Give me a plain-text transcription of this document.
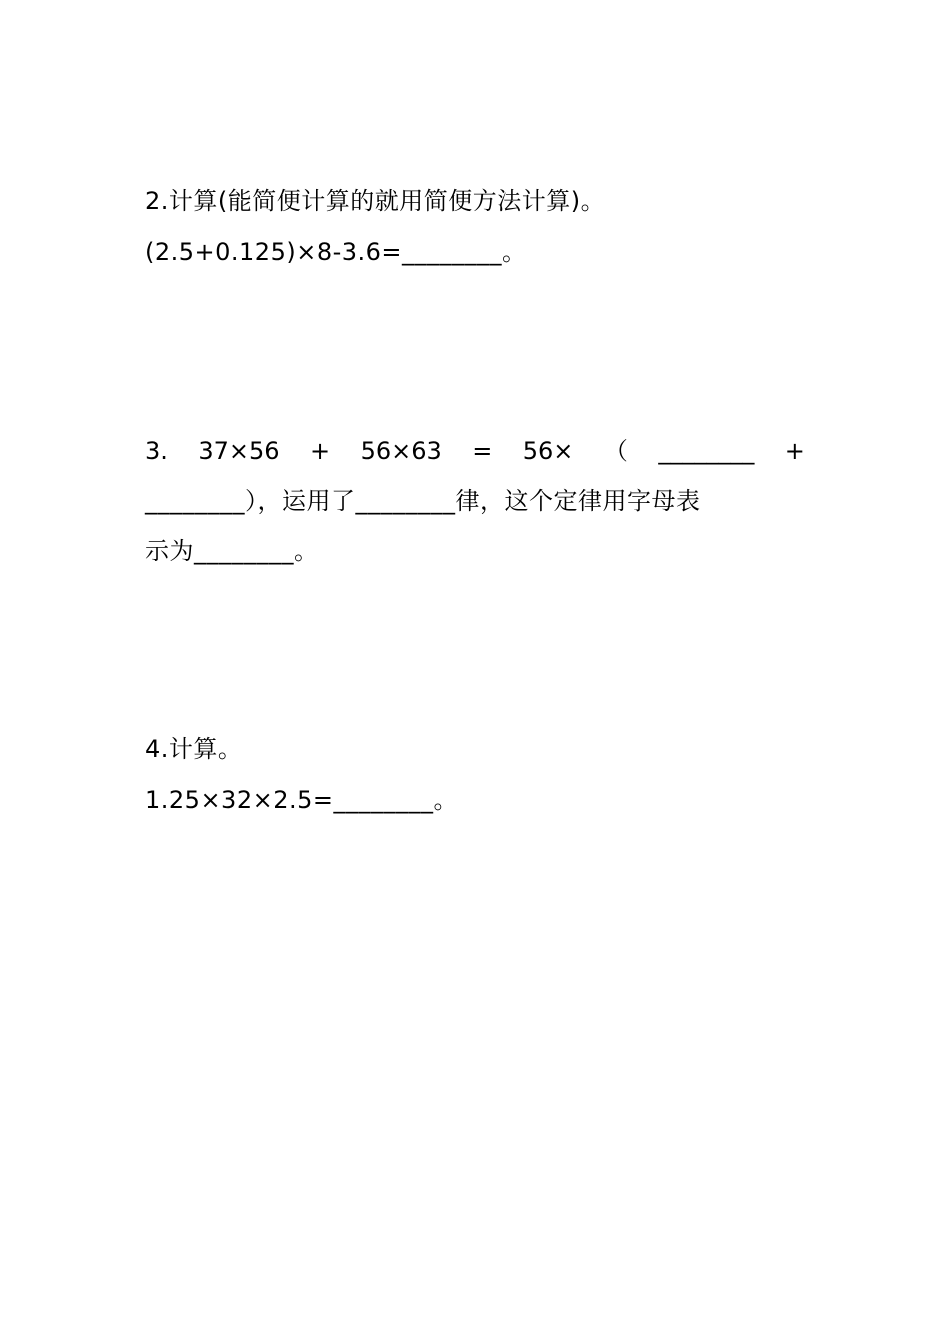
2.计算(能简便计算的就用简便方法计算)。
(2.5+0.125)×8-3.6=________。
3. 37×56 + 56×63 = 56× （ ________ +
________），运用了________律，这个定律用字母表
示为________。
4.计算。
1.25×32×2.5=________。
